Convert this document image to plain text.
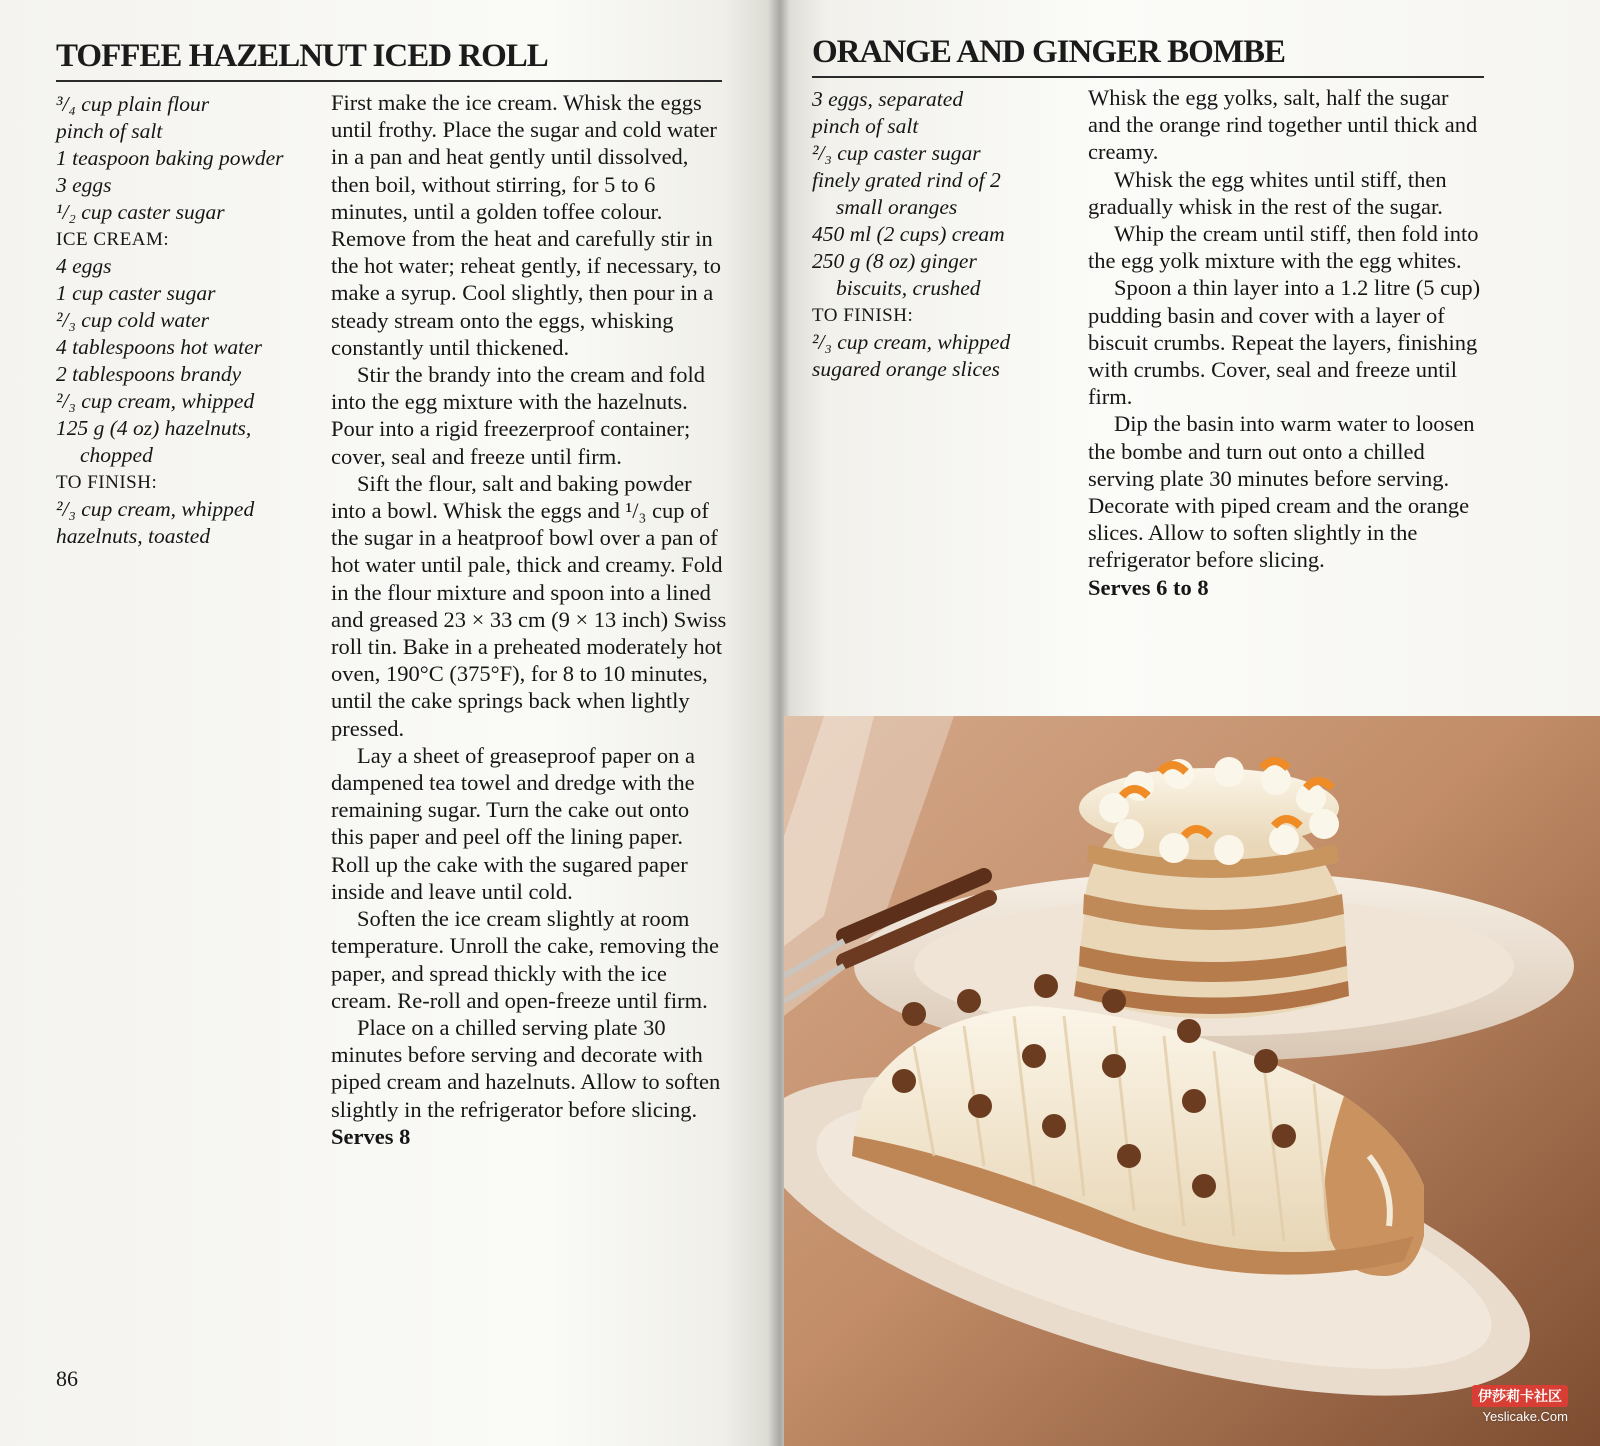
TOFFEE HAZELNUT ICED ROLL
³/₄ cup plain flour
pinch of salt
1 teaspoon baking powder
3 eggs
¹/₂ cup caster sugar
ICE CREAM:
4 eggs
1 cup caster sugar
²/₃ cup cold water
4 tablespoons hot water
2 tablespoons brandy
²/₃ cup cream, whipped
125 g (4 oz) hazelnuts,
chopped
TO FINISH:
²/₃ cup cream, whipped
hazelnuts, toasted

First make the ice cream. Whisk the eggs until frothy. Place the sugar and cold water in a pan and heat gently until dissolved, then boil, without stirring, for 5 to 6 minutes, until a golden toffee colour. Remove from the heat and carefully stir in the hot water; reheat gently, if necessary, to make a syrup. Cool slightly, then pour in a steady stream onto the eggs, whisking constantly until thickened.

Stir the brandy into the cream and fold into the egg mixture with the hazelnuts. Pour into a rigid freezerproof container; cover, seal and freeze until firm.

Sift the flour, salt and baking powder into a bowl. Whisk the eggs and ¹/₃ cup of the sugar in a heatproof bowl over a pan of hot water until pale, thick and creamy. Fold in the flour mixture and spoon into a lined and greased 23 × 33 cm (9 × 13 inch) Swiss roll tin. Bake in a preheated moderately hot oven, 190°C (375°F), for 8 to 10 minutes, until the cake springs back when lightly pressed.

Lay a sheet of greaseproof paper on a dampened tea towel and dredge with the remaining sugar. Turn the cake out onto this paper and peel off the lining paper. Roll up the cake with the sugared paper inside and leave until cold.

Soften the ice cream slightly at room temperature. Unroll the cake, removing the paper, and spread thickly with the ice cream. Re-roll and open-freeze until firm.

Place on a chilled serving plate 30 minutes before serving and decorate with piped cream and hazelnuts. Allow to soften slightly in the refrigerator before slicing.

Serves 8

86
ORANGE AND GINGER BOMBE
3 eggs, separated
pinch of salt
²/₃ cup caster sugar
finely grated rind of 2
small oranges
450 ml (2 cups) cream
250 g (8 oz) ginger
biscuits, crushed
TO FINISH:
²/₃ cup cream, whipped
sugared orange slices

Whisk the egg yolks, salt, half the sugar and the orange rind together until thick and creamy.

Whisk the egg whites until stiff, then gradually whisk in the rest of the sugar.

Whip the cream until stiff, then fold into the egg yolk mixture with the egg whites.

Spoon a thin layer into a 1.2 litre (5 cup) pudding basin and cover with a layer of biscuit crumbs. Repeat the layers, finishing with crumbs. Cover, seal and freeze until firm.

Dip the basin into warm water to loosen the bombe and turn out onto a chilled serving plate 30 minutes before serving. Decorate with piped cream and the orange slices. Allow to soften slightly in the refrigerator before slicing.

Serves 6 to 8

伊莎莉卡社区
Yeslicake.Com
